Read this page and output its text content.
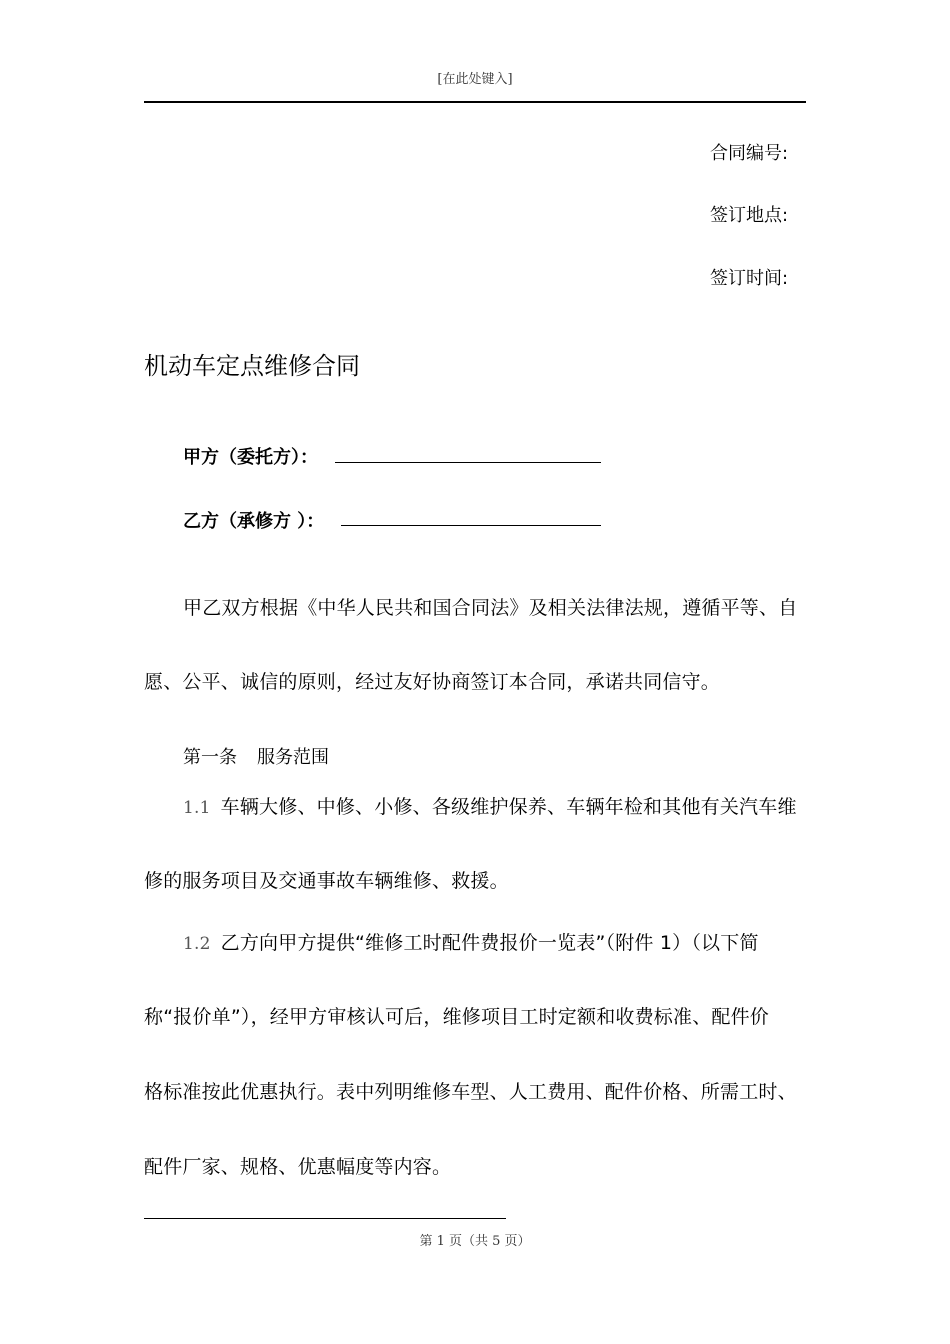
[在此处键入]
合同编号:
签订地点:
签订时间:
机动车定点维修合同
甲方（委托方）：
乙方（承修方 ）：
甲乙双方根据《中华人民共和国合同法》及相关法律法规，遵循平等、自
愿、公平、诚信的原则，经过友好协商签订本合同，承诺共同信守。
第一条 服务范围
1.1 车辆大修、中修、小修、各级维护保养、车辆年检和其他有关汽车维
修的服务项目及交通事故车辆维修、救援。
1.2 乙方向甲方提供“维修工时配件费报价一览表”（附件 1）（以下简
称“报价单”），经甲方审核认可后，维修项目工时定额和收费标准、配件价
格标准按此优惠执行。表中列明维修车型、人工费用、配件价格、所需工时、
配件厂家、规格、优惠幅度等内容。
第 1 页（共 5 页）
